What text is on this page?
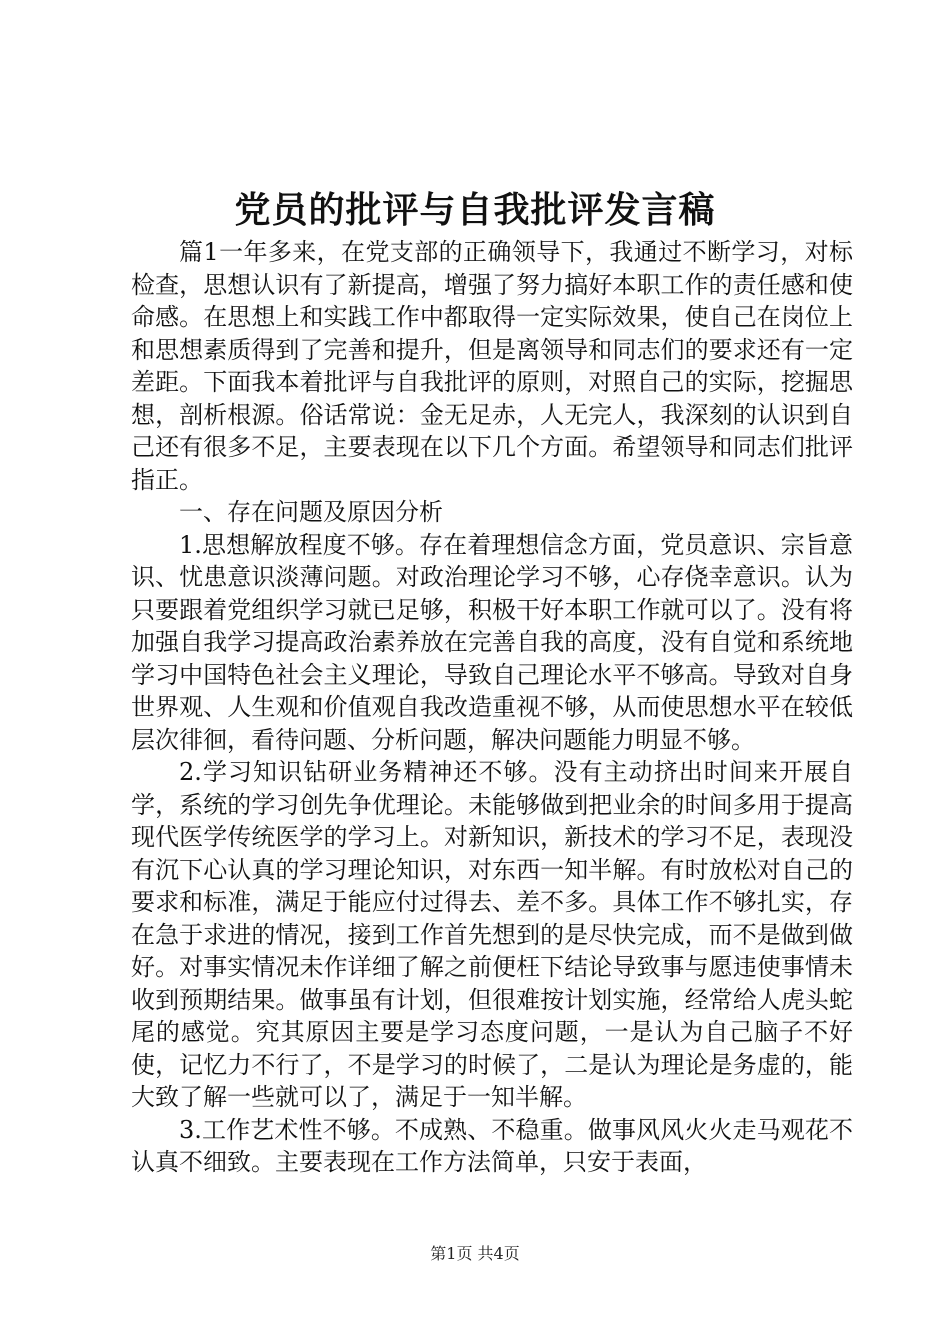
党员的批评与自我批评发言稿

篇1一年多来，在党支部的正确领导下，我通过不断学习，对标检查，思想认识有了新提高，增强了努力搞好本职工作的责任感和使命感。在思想上和实践工作中都取得一定实际效果，使自己在岗位上和思想素质得到了完善和提升，但是离领导和同志们的要求还有一定差距。下面我本着批评与自我批评的原则，对照自己的实际，挖掘思想，剖析根源。俗话常说：金无足赤，人无完人，我深刻的认识到自己还有很多不足，主要表现在以下几个方面。希望领导和同志们批评指正。

一、存在问题及原因分析

1.思想解放程度不够。存在着理想信念方面，党员意识、宗旨意识、忧患意识淡薄问题。对政治理论学习不够，心存侥幸意识。认为只要跟着党组织学习就已足够，积极干好本职工作就可以了。没有将加强自我学习提高政治素养放在完善自我的高度，没有自觉和系统地学习中国特色社会主义理论，导致自己理论水平不够高。导致对自身世界观、人生观和价值观自我改造重视不够，从而使思想水平在较低层次徘徊，看待问题、分析问题，解决问题能力明显不够。

2.学习知识钻研业务精神还不够。没有主动挤出时间来开展自学，系统的学习创先争优理论。未能够做到把业余的时间多用于提高现代医学传统医学的学习上。对新知识，新技术的学习不足，表现没有沉下心认真的学习理论知识，对东西一知半解。有时放松对自己的要求和标准，满足于能应付过得去、差不多。具体工作不够扎实，存在急于求进的情况，接到工作首先想到的是尽快完成，而不是做到做好。对事实情况未作详细了解之前便枉下结论导致事与愿违使事情未收到预期结果。做事虽有计划，但很难按计划实施，经常给人虎头蛇尾的感觉。究其原因主要是学习态度问题，一是认为自己脑子不好使，记忆力不行了，不是学习的时候了，二是认为理论是务虚的，能大致了解一些就可以了，满足于一知半解。

3.工作艺术性不够。不成熟、不稳重。做事风风火火走马观花不认真不细致。主要表现在工作方法简单，只安于表面，

第1页 共4页
